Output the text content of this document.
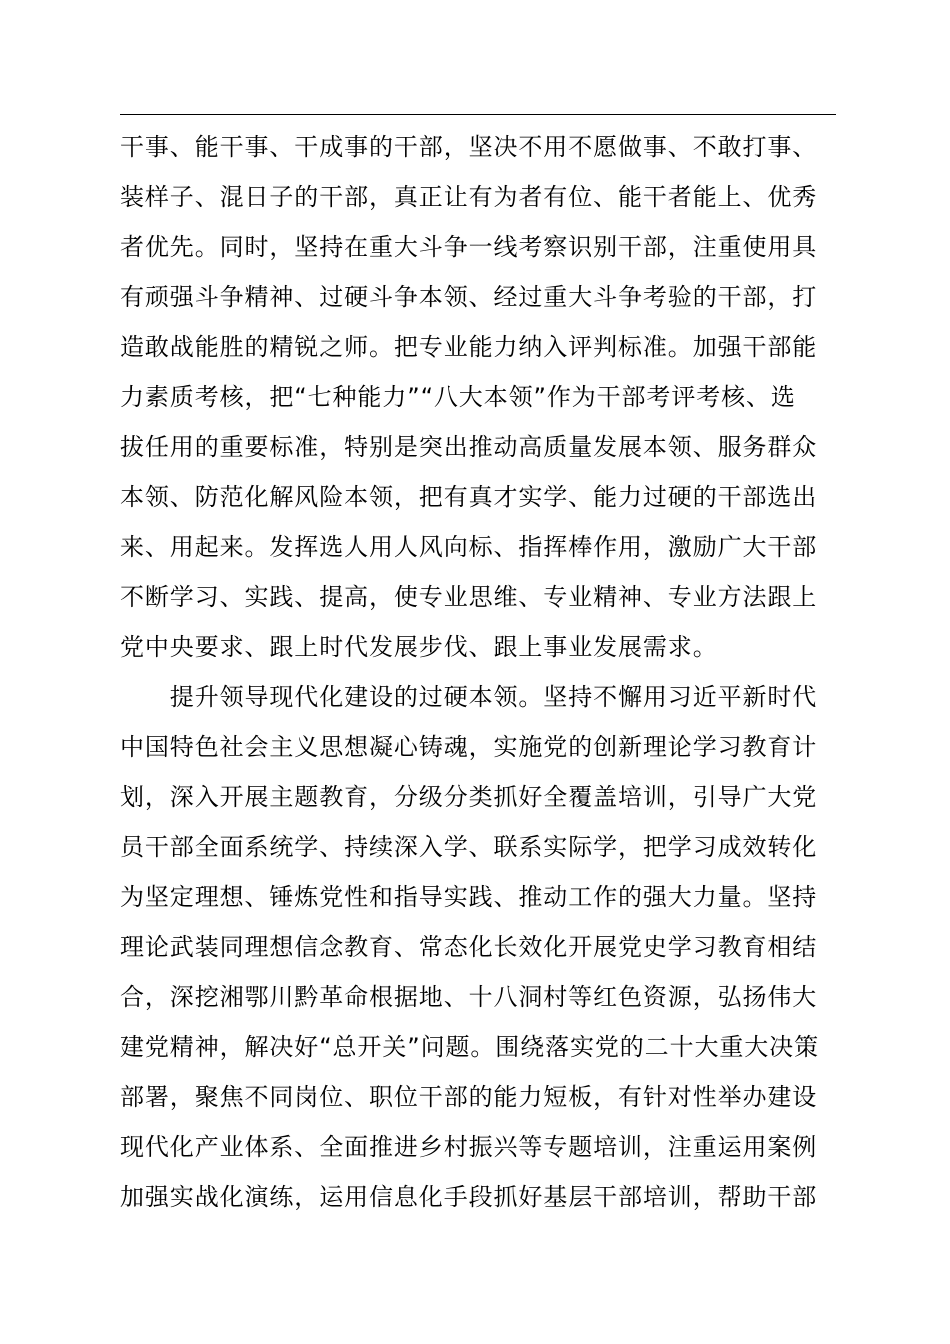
干事、能干事、干成事的干部，坚决不用不愿做事、不敢打事、
装样子、混日子的干部，真正让有为者有位、能干者能上、优秀
者优先。同时，坚持在重大斗争一线考察识别干部，注重使用具
有顽强斗争精神、过硬斗争本领、经过重大斗争考验的干部，打
造敢战能胜的精锐之师。把专业能力纳入评判标准。加强干部能
力素质考核，把“七种能力”“八大本领”作为干部考评考核、选
拔任用的重要标准，特别是突出推动高质量发展本领、服务群众
本领、防范化解风险本领，把有真才实学、能力过硬的干部选出
来、用起来。发挥选人用人风向标、指挥棒作用，激励广大干部
不断学习、实践、提高，使专业思维、专业精神、专业方法跟上
党中央要求、跟上时代发展步伐、跟上事业发展需求。
　　提升领导现代化建设的过硬本领。坚持不懈用习近平新时代
中国特色社会主义思想凝心铸魂，实施党的创新理论学习教育计
划，深入开展主题教育，分级分类抓好全覆盖培训，引导广大党
员干部全面系统学、持续深入学、联系实际学，把学习成效转化
为坚定理想、锤炼党性和指导实践、推动工作的强大力量。坚持
理论武装同理想信念教育、常态化长效化开展党史学习教育相结
合，深挖湘鄂川黔革命根据地、十八洞村等红色资源，弘扬伟大
建党精神，解决好“总开关”问题。围绕落实党的二十大重大决策
部署，聚焦不同岗位、职位干部的能力短板，有针对性举办建设
现代化产业体系、全面推进乡村振兴等专题培训，注重运用案例
加强实战化演练，运用信息化手段抓好基层干部培训，帮助干部
